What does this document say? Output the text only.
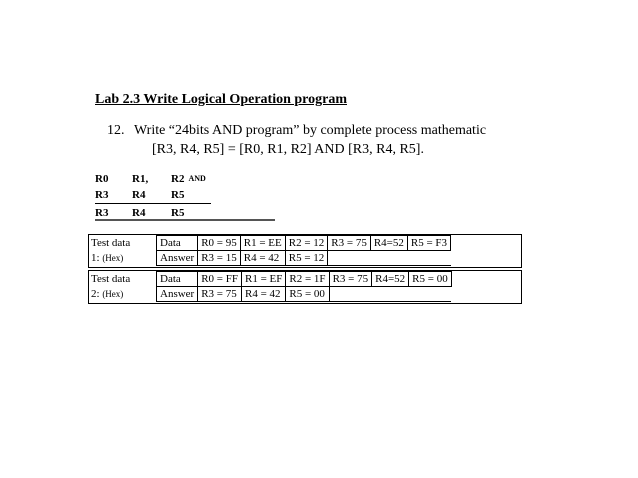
Lab 2.3 Write Logical Operation program
12. Write “24bits AND program” by complete process mathematic
[R3, R4, R5] = [R0, R1, R2] AND [R3, R4, R5].
R0 R1, R2 AND
R3 R4 R5
R3 R4 R5
Test data	Data	R0 = 95	R1 = EE	R2 = 12	R3 = 75	R4=52	R5 = F3
1: (Hex)	Answer	R3 = 15	R4 = 42	R5 = 12			
Test data	Data	R0 = FF	R1 = EF	R2 = 1F	R3 = 75	R4=52	R5 = 00
2: (Hex)	Answer	R3 = 75	R4 = 42	R5 = 00			
